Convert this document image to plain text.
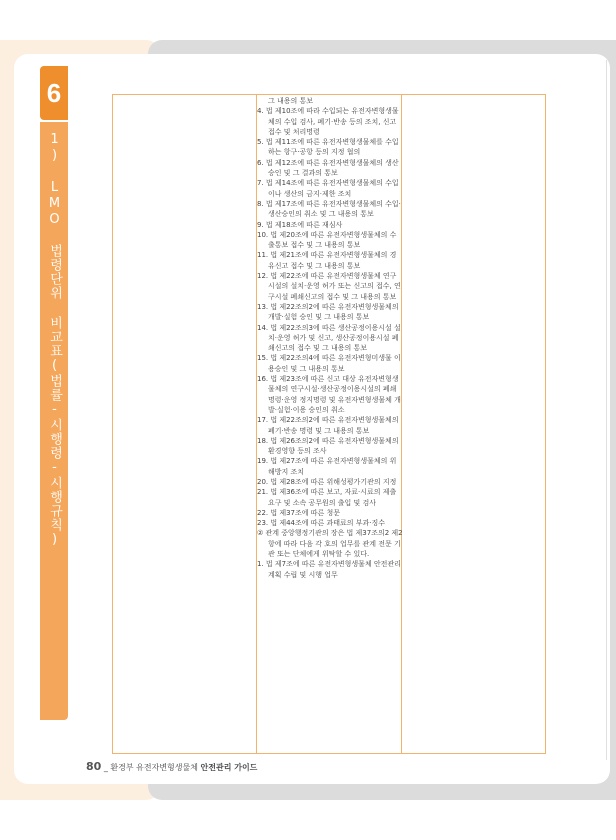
6
1) LMO 법령단위 비교표(법률-시행령-시행규칙)
그 내용의 통보
4. 법 제10조에 따라 수입되는 유전자변형생물체의 수입 검사, 폐기·반송 등의 조치, 신고 접수 및 처리명령
5. 법 제11조에 따른 유전자변형생물체를 수입하는 항구·공항 등의 지정 협의
6. 법 제12조에 따른 유전자변형생물체의 생산승인 및 그 결과의 통보
7. 법 제14조에 따른 유전자변형생물체의 수입이나 생산의 금지·제한 조치
8. 법 제17조에 따른 유전자변형생물체의 수입·생산승인의 취소 및 그 내용의 통보
9. 법 제18조에 따른 재심사
10. 법 제20조에 따른 유전자변형생물체의 수출통보 접수 및 그 내용의 통보
11. 법 제21조에 따른 유전자변형생물체의 경유신고 접수 및 그 내용의 통보
12. 법 제22조에 따른 유전자변형생물체 연구시설의 설치·운영 허가 또는 신고의 접수, 연구시설 폐쇄신고의 접수 및 그 내용의 통보
13. 법 제22조의2에 따른 유전자변형생물체의 개발·실험 승인 및 그 내용의 통보
14. 법 제22조의3에 따른 생산공정이용시설 설치·운영 허가 및 신고, 생산공정이용시설 폐쇄신고의 접수 및 그 내용의 통보
15. 법 제22조의4에 따른 유전자변형미생물 이용승인 및 그 내용의 통보
16. 법 제23조에 따른 신고 대상 유전자변형생물체의 연구시설·생산공정이용시설의 폐쇄 명령·운영 정지명령 및 유전자변형생물체 개발·실험·이용 승인의 취소
17. 법 제22조의2에 따른 유전자변형생물체의 폐기·반송 명령 및 그 내용의 통보
18. 법 제26조의2에 따른 유전자변형생물체의 환경영향 등의 조사
19. 법 제27조에 따른 유전자변형생물체의 위해방지 조치
20. 법 제28조에 따른 위해성평가기관의 지정
21. 법 제36조에 따른 보고, 자료·시료의 제출 요구 및 소속 공무원의 출입 및 검사
22. 법 제37조에 따른 청문
23. 법 제44조에 따른 과태료의 부과·징수
② 관계 중앙행정기관의 장은 법 제37조의2 제2항에 따라 다음 각 호의 업무를 관계 전문 기관 또는 단체에게 위탁할 수 있다.
1. 법 제7조에 따른 유전자변형생물체 안전관리계획 수립 및 시행 업무
80 _ 환경부 유전자변형생물체 안전관리 가이드
